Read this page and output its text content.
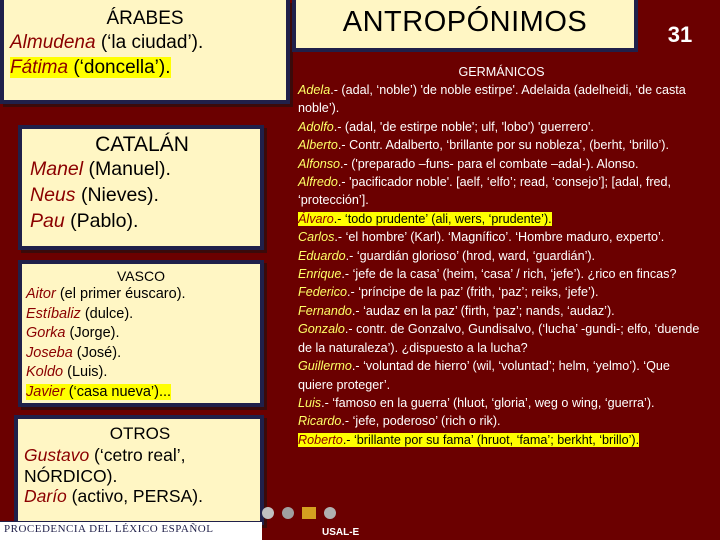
ÁRABES
Almudena (‘la ciudad’).
Fátima (‘doncella’).
CATALÁN
Manel (Manuel).
Neus (Nieves).
Pau (Pablo).
VASCO
Aitor (el primer éuscaro).
Estíbaliz (dulce).
Gorka (Jorge).
Joseba (José).
Koldo (Luis).
Javier (‘casa nueva’)...
OTROS
Gustavo (‘cetro real’,
NÓRDICO).
Darío (activo, PERSA).
PROCEDENCIA DEL LÉXICO ESPAÑOL
ANTROPÓNIMOS	31
GERMÁNICOS
Adela.- (adal, ‘noble’) 'de noble estirpe'. Adelaida (adelheidi, ‘de casta noble’).
Adolfo.- (adal, 'de estirpe noble'; ulf, 'lobo') 'guerrero'.
Alberto.- Contr. Adalberto, ‘brillante por su nobleza’, (berht, ‘brillo’).
Alfonso.- ('preparado –funs- para el combate –adal-). Alonso.
Alfredo.- 'pacificador noble'. [aelf, ‘elfo’; read, ‘consejo’]; [adal, fred, ‘protección’].
Álvaro.- ‘todo prudente’ (ali, wers, ‘prudente’).
Carlos.- ‘el hombre’ (Karl). ‘Magnífico’. ‘Hombre maduro, experto’.
Eduardo.- ‘guardián glorioso’ (hrod, ward, ‘guardián’).
Enrique.- ‘jefe de la casa’ (heim, ‘casa’ / rich, ‘jefe’). ¿rico en fincas?
Federico.- ‘príncipe de la paz’ (frith, ‘paz’; reiks, ‘jefe’).
Fernando.- ‘audaz en la paz’ (firth, ‘paz’; nands, ‘audaz’).
Gonzalo.- contr. de Gonzalvo, Gundisalvo, (‘lucha’ -gundi-; elfo, ‘duende de la naturaleza’). ¿dispuesto a la lucha?
Guillermo.- ‘voluntad de hierro’ (wil, ‘voluntad’; helm, ‘yelmo’). ‘Que quiere proteger’.
Luis.- ‘famoso en la guerra’ (hluot, ‘gloria’, weg o wing, ‘guerra’).
Ricardo.- ‘jefe, poderoso’ (rich o rik).
Roberto.- ‘brillante por su fama’ (hruot, ‘fama’; berkht, ‘brillo’).
USAL-E
